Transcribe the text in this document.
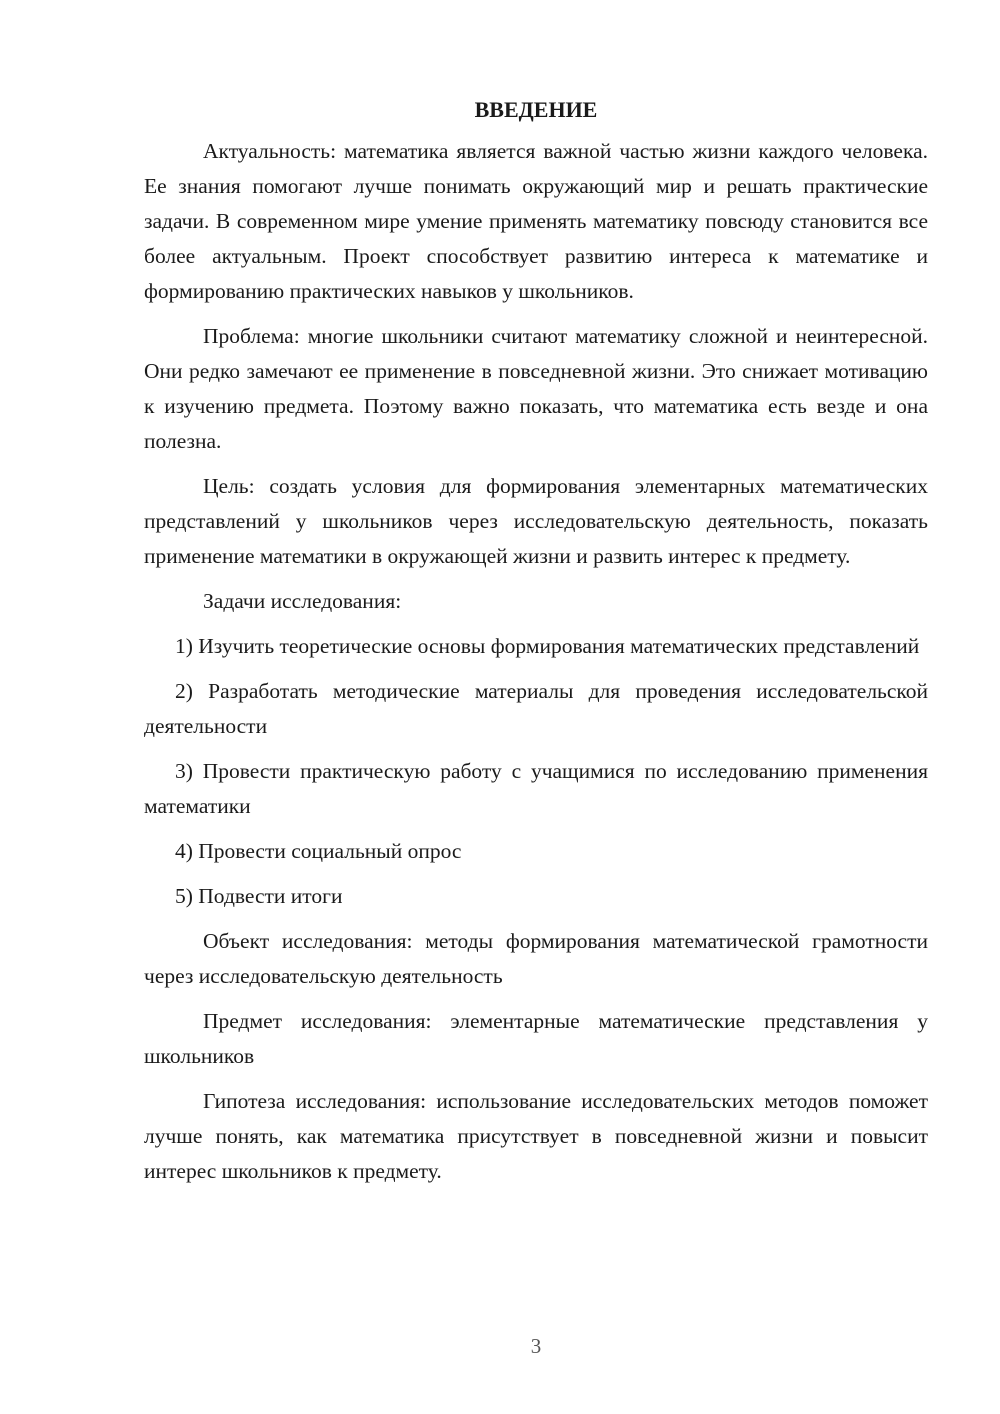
ВВЕДЕНИЕ

Актуальность: математика является важной частью жизни каждого человека. Ее знания помогают лучше понимать окружающий мир и решать практические задачи. В современном мире умение применять математику повсюду становится все более актуальным. Проект способствует развитию интереса к математике и формированию практических навыков у школьников.

Проблема: многие школьники считают математику сложной и неинтересной. Они редко замечают ее применение в повседневной жизни. Это снижает мотивацию к изучению предмета. Поэтому важно показать, что математика есть везде и она полезна.

Цель: создать условия для формирования элементарных математических представлений у школьников через исследовательскую деятельность, показать применение математики в окружающей жизни и развить интерес к предмету.

Задачи исследования:

1) Изучить теоретические основы формирования математических представлений

2) Разработать методические материалы для проведения исследовательской деятельности

3) Провести практическую работу с учащимися по исследованию применения математики

4) Провести социальный опрос

5) Подвести итоги

Объект исследования: методы формирования математической грамотности через исследовательскую деятельность

Предмет исследования: элементарные математические представления у школьников

Гипотеза исследования: использование исследовательских методов поможет лучше понять, как математика присутствует в повседневной жизни и повысит интерес школьников к предмету.

3
